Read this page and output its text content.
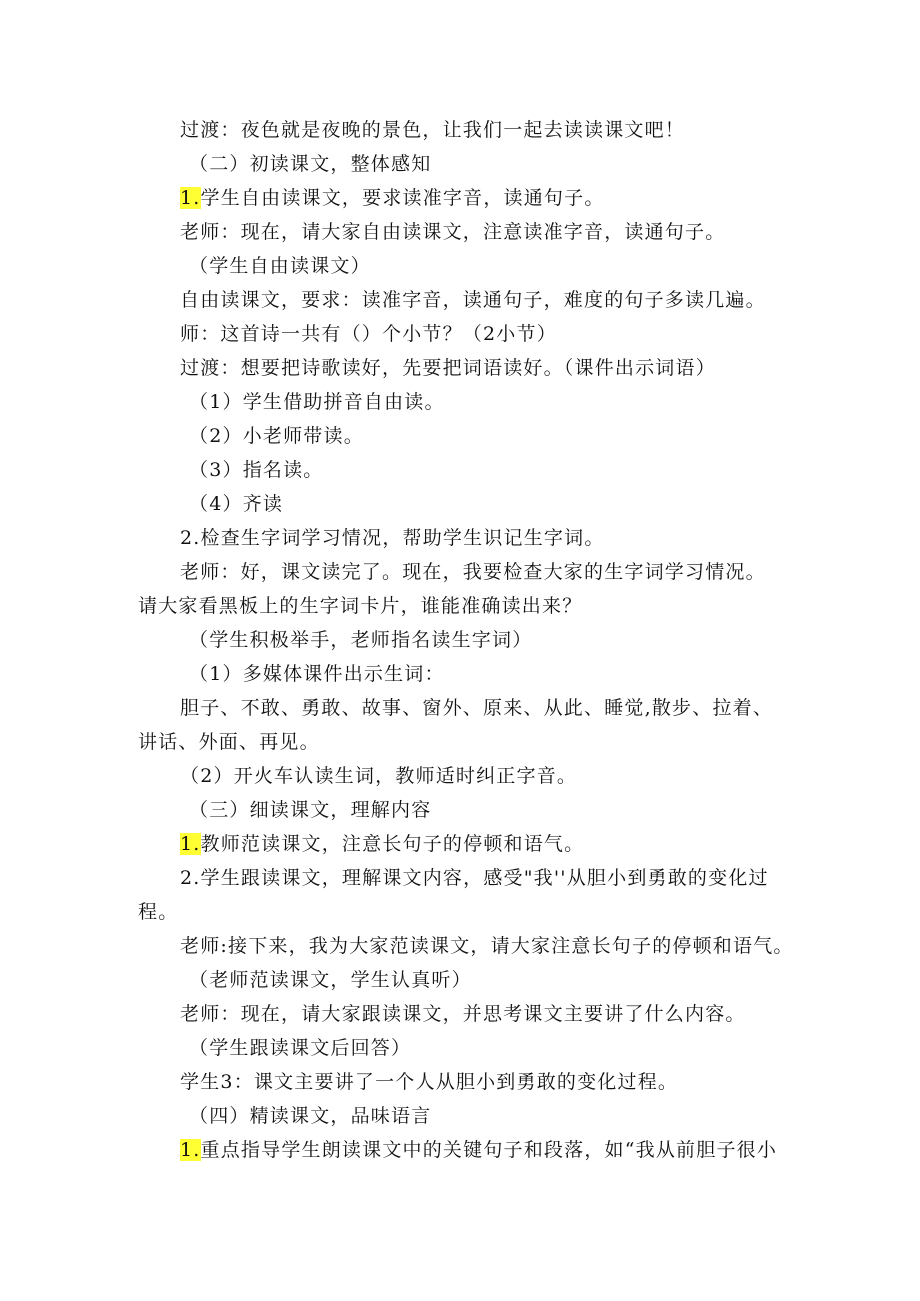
过渡：夜色就是夜晚的景色，让我们一起去读读课文吧！
（二）初读课文，整体感知
1.学生自由读课文，要求读准字音，读通句子。
老师：现在，请大家自由读课文，注意读准字音，读通句子。
（学生自由读课文）
自由读课文，要求：读准字音，读通句子，难度的句子多读几遍。
师：这首诗一共有（）个小节？（2小节）
过渡：想要把诗歌读好，先要把词语读好。（课件出示词语）
（1）学生借助拼音自由读。
（2）小老师带读。
（3）指名读。
（4）齐读
2.检查生字词学习情况，帮助学生识记生字词。
老师：好，课文读完了。现在，我要检查大家的生字词学习情况。
请大家看黑板上的生字词卡片，谁能准确读出来？
（学生积极举手，老师指名读生字词）
（1）多媒体课件出示生词：
胆子、不敢、勇敢、故事、窗外、原来、从此、睡觉,散步、拉着、
讲话、外面、再见。
（2）开火车认读生词，教师适时纠正字音。
（三）细读课文，理解内容
1.教师范读课文，注意长句子的停顿和语气。
2.学生跟读课文，理解课文内容，感受"我''从胆小到勇敢的变化过
程。
老师:接下来，我为大家范读课文，请大家注意长句子的停顿和语气。
（老师范读课文，学生认真听）
老师：现在，请大家跟读课文，并思考课文主要讲了什么内容。
（学生跟读课文后回答）
学生3：课文主要讲了一个人从胆小到勇敢的变化过程。
（四）精读课文，品味语言
1.重点指导学生朗读课文中的关键句子和段落，如“我从前胆子很小
